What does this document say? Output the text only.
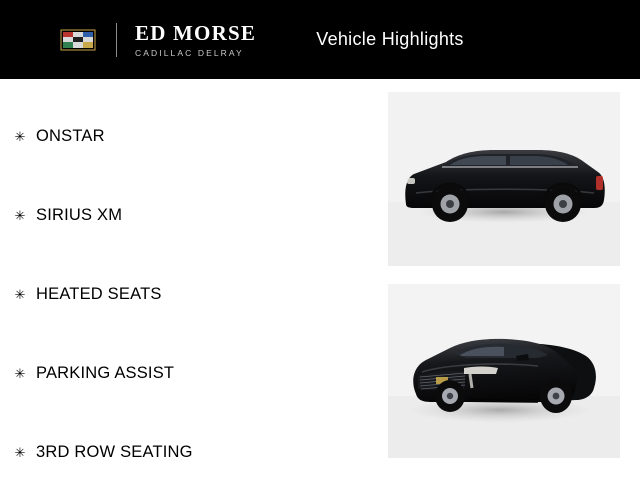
ED MORSE
CADILLAC DELRAY
Vehicle Highlights
✳ ONSTAR
✳ SIRIUS XM
✳ HEATED SEATS
✳ PARKING ASSIST
✳ 3RD ROW SEATING
